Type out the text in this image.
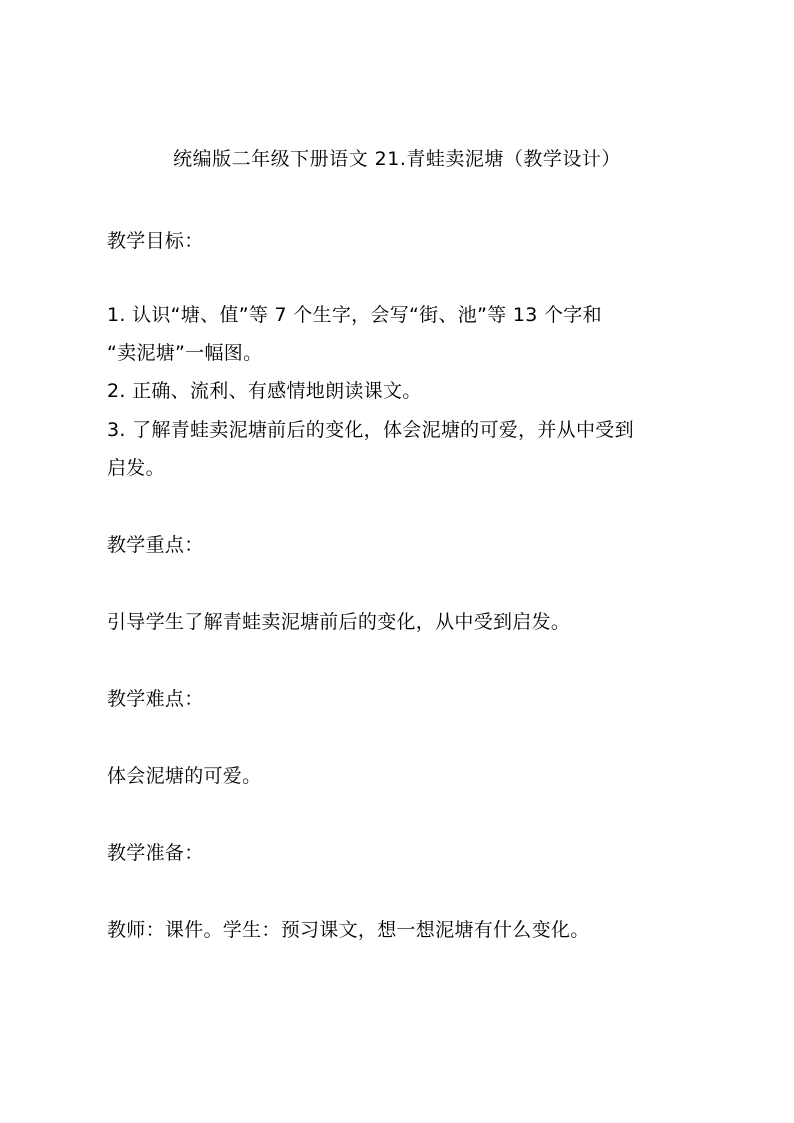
统编版二年级下册语文 21.青蛙卖泥塘（教学设计）
教学目标：
1. 认识“塘、值”等 7 个生字，会写“街、池”等 13 个字和
“卖泥塘”一幅图。
2. 正确、流利、有感情地朗读课文。
3. 了解青蛙卖泥塘前后的变化，体会泥塘的可爱，并从中受到
启发。
教学重点：
引导学生了解青蛙卖泥塘前后的变化，从中受到启发。
教学难点：
体会泥塘的可爱。
教学准备：
教师：课件。学生：预习课文，想一想泥塘有什么变化。
